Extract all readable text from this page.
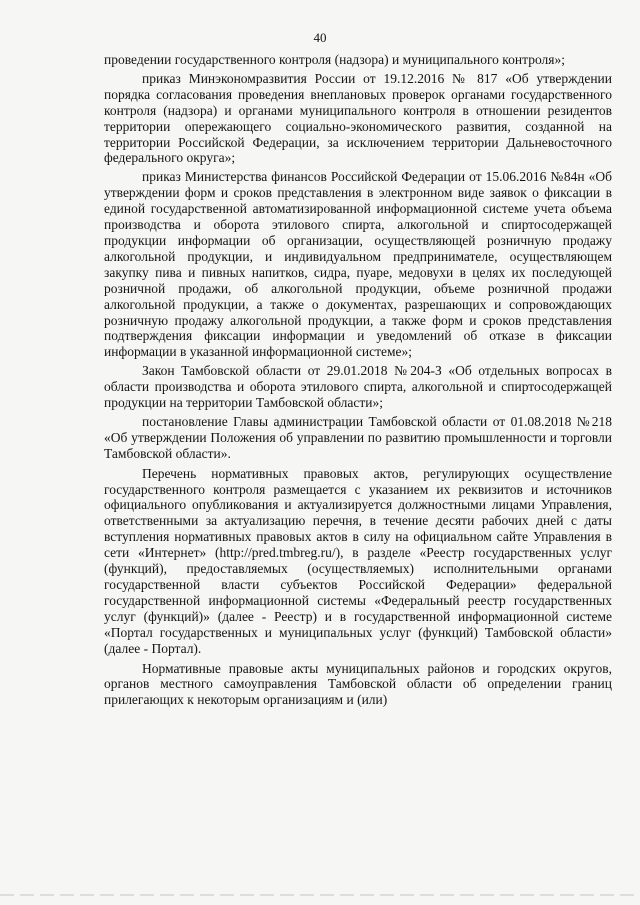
40

проведении государственного контроля (надзора) и муниципального контроля»;

приказ Минэкономразвития России от 19.12.2016 № 817 «Об утверждении порядка согласования проведения внеплановых проверок органами государственного контроля (надзора) и органами муниципального контроля в отношении резидентов территории опережающего социально-экономического развития, созданной на территории Российской Федерации, за исключением территории Дальневосточного федерального округа»;

приказ Министерства финансов Российской Федерации от 15.06.2016 №84н «Об утверждении форм и сроков представления в электронном виде заявок о фиксации в единой государственной автоматизированной информационной системе учета объема производства и оборота этилового спирта, алкогольной и спиртосодержащей продукции информации об организации, осуществляющей розничную продажу алкогольной продукции, и индивидуальном предпринимателе, осуществляющем закупку пива и пивных напитков, сидра, пуаре, медовухи в целях их последующей розничной продажи, об алкогольной продукции, объеме розничной продажи алкогольной продукции, а также о документах, разрешающих и сопровождающих розничную продажу алкогольной продукции, а также форм и сроков представления подтверждения фиксации информации и уведомлений об отказе в фиксации информации в указанной информационной системе»;

Закон Тамбовской области от 29.01.2018 №204-З «Об отдельных вопросах в области производства и оборота этилового спирта, алкогольной и спиртосодержащей продукции на территории Тамбовской области»;

постановление Главы администрации Тамбовской области от 01.08.2018 №218 «Об утверждении Положения об управлении по развитию промышленности и торговли Тамбовской области».

Перечень нормативных правовых актов, регулирующих осуществление государственного контроля размещается с указанием их реквизитов и источников официального опубликования и актуализируется должностными лицами Управления, ответственными за актуализацию перечня, в течение десяти рабочих дней с даты вступления нормативных правовых актов в силу на официальном сайте Управления в сети «Интернет» (http://pred.tmbreg.ru/), в разделе «Реестр государственных услуг (функций), предоставляемых (осуществляемых) исполнительными органами государственной власти субъектов Российской Федерации» федеральной государственной информационной системы «Федеральный реестр государственных услуг (функций)» (далее - Реестр) и в государственной информационной системе «Портал государственных и муниципальных услуг (функций) Тамбовской области» (далее - Портал).

Нормативные правовые акты муниципальных районов и городских округов, органов местного самоуправления Тамбовской области об определении границ прилегающих к некоторым организациям и (или)
